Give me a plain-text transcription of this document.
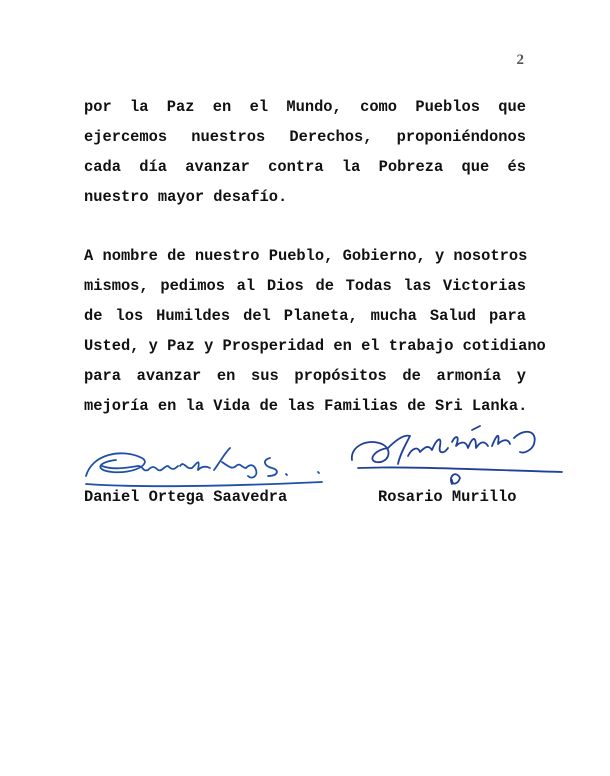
2
por la Paz en el Mundo, como Pueblos que
ejercemos nuestros Derechos, proponiéndonos
cada día avanzar contra la Pobreza que és
nuestro mayor desafío.
A nombre de nuestro Pueblo, Gobierno, y nosotros
mismos, pedimos al Dios de Todas las Victorias
de los Humildes del Planeta, mucha Salud para
Usted, y Paz y Prosperidad en el trabajo cotidiano
para avanzar en sus propósitos de armonía y
mejoría en la Vida de las Familias de Sri Lanka.
Daniel Ortega Saavedra	Rosario Murillo
